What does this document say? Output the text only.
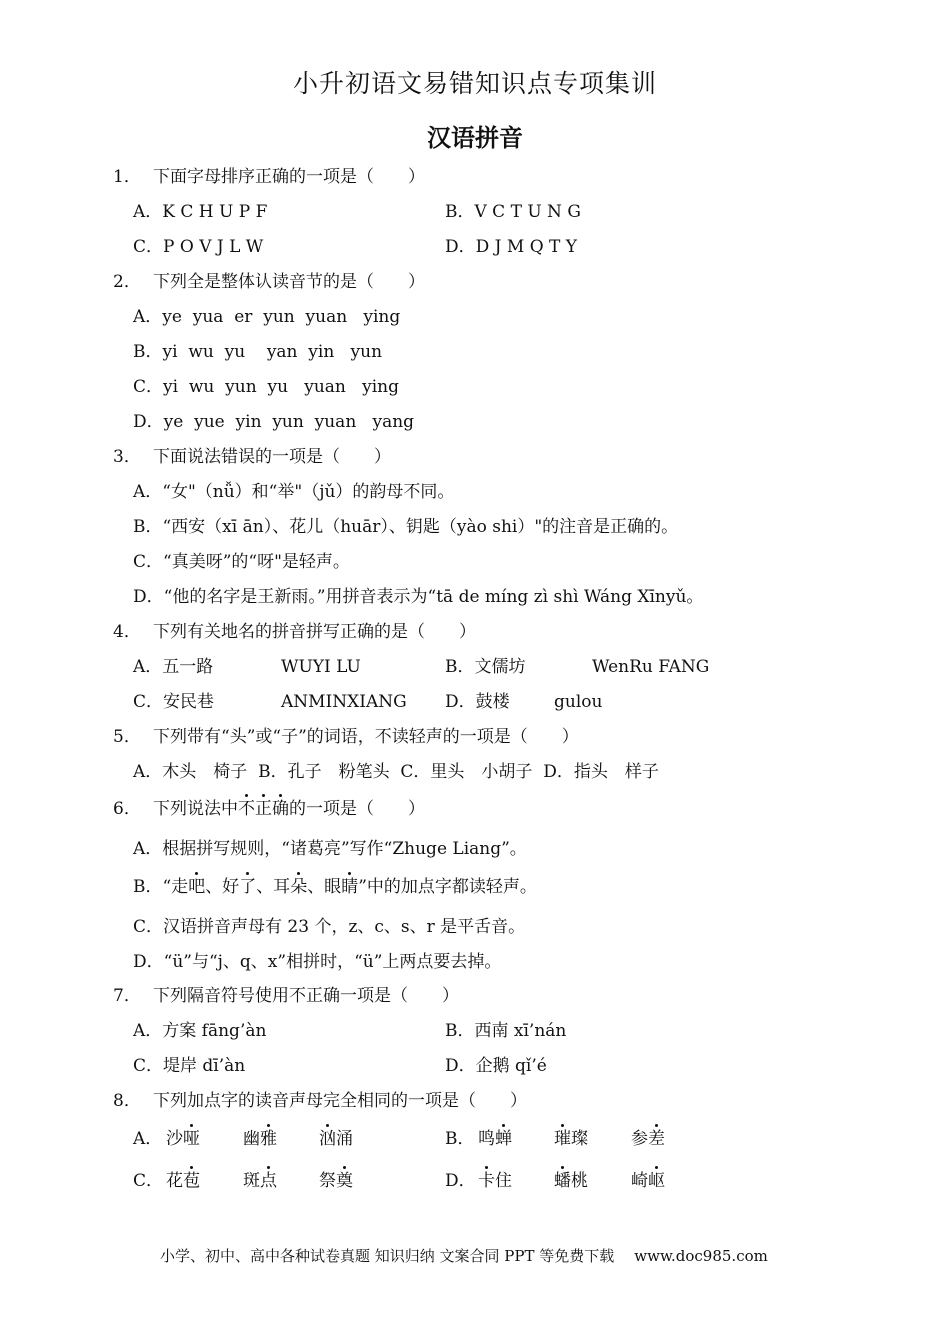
小升初语文易错知识点专项集训
汉语拼音
1． 下面字母排序正确的一项是（　　）
A．K C H U P F	B．V C T U N G
C．P O V J L W	D．D J M Q T Y
2． 下列全是整体认读音节的是（　　）
A．ye  yua  er  yun  yuan   ying
B．yi  wu  yu    yan  yin   yun
C．yi  wu  yun  yu   yuan   ying
D．ye  yue  yin  yun  yuan   yang
3． 下面说法错误的一项是（　　）
A．“女"（nǚ）和“举"（jǔ）的韵母不同。
B．“西安（xī ān）、花儿（huār）、钥匙（yào shi）"的注音是正确的。
C．“真美呀”的“呀"是轻声。
D．“他的名字是王新雨。”用拼音表示为“tā de míng zì shì Wáng Xīnyǔ。
4． 下列有关地名的拼音拼写正确的是（　　）
A．五一路	WUYI LU	B．文儒坊	WenRu FANG
C．安民巷	ANMINXIANG D．鼓楼	gulou
5． 下列带有“头”或“子”的词语，不读轻声的一项是（　　）
A．木头　椅子  B．孔子　粉笔头  C．里头　小胡子  D．指头　样子
6． 下列说法中不正确的一项是（　　）
A．根据拼写规则，“诸葛亮”写作“Zhuge Liang”。
B．“走吧、好了、耳朵、眼睛”中的加点字都读轻声。
C．汉语拼音声母有 23 个，z、c、s、r 是平舌音。
D．“ü”与“j、q、x”相拼时，“ü”上两点要去掉。
7． 下列隔音符号使用不正确一项是（　　）
A．方案 fāng’àn	B．西南 xī’nán
C．堤岸 dī’àn	D．企鹅 qǐ’é
8． 下列加点字的读音声母完全相同的一项是（　　）
A． 沙哑	幽雅 汹涌	B． 鸣蝉 璀璨	参差
C． 花苞	斑点 祭奠	D． 卡住 蟠桃	崎岖
小学、初中、高中各种试卷真题 知识归纳 文案合同 PPT 等免费下载 www.doc985.com
